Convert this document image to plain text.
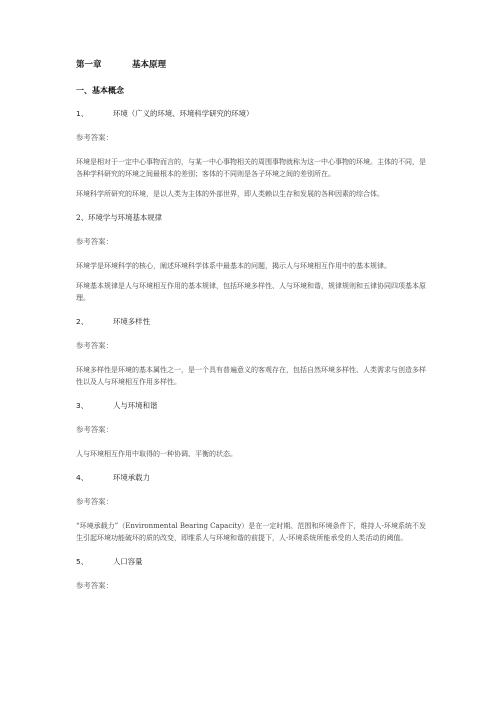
第一章	基本原理
一、基本概念
1、	环境（广义的环境、环境科学研究的环境）
参考答案：

环境是相对于一定中心事物而言的，与某一中心事物相关的周围事物就称为这一中心事物的环境。主体的不同，是各种学科研究的环境之间最根本的差别；客体的不同则是各子环境之间的差别所在。

环境科学所研究的环境，是以人类为主体的外部世界，即人类赖以生存和发展的各种因素的综合体。

2、环境学与环境基本规律
参考答案：

环境学是环境科学的核心，阐述环境科学体系中最基本的问题，揭示人与环境相互作用中的基本规律。

环境基本规律是人与环境相互作用的基本规律，包括环境多样性、人与环境和谐，规律规则和五律协同四项基本原理。

2、	环境多样性
参考答案：

环境多样性是环境的基本属性之一，是一个具有普遍意义的客观存在，包括自然环境多样性、人类需求与创造多样性以及人与环境相互作用多样性。

3、	人与环境和谐
参考答案：

人与环境相互作用中取得的一种协调、平衡的状态。

4、	环境承载力
参考答案：

“环境承载力”（Environmental Bearing Capacity）是在一定时期、范围和环境条件下，维持人-环境系统不发生引起环境功能破坏的质的改变，即维系人与环境和谐的前提下，人-环境系统所能承受的人类活动的阈值。

5、	人口容量
参考答案：
